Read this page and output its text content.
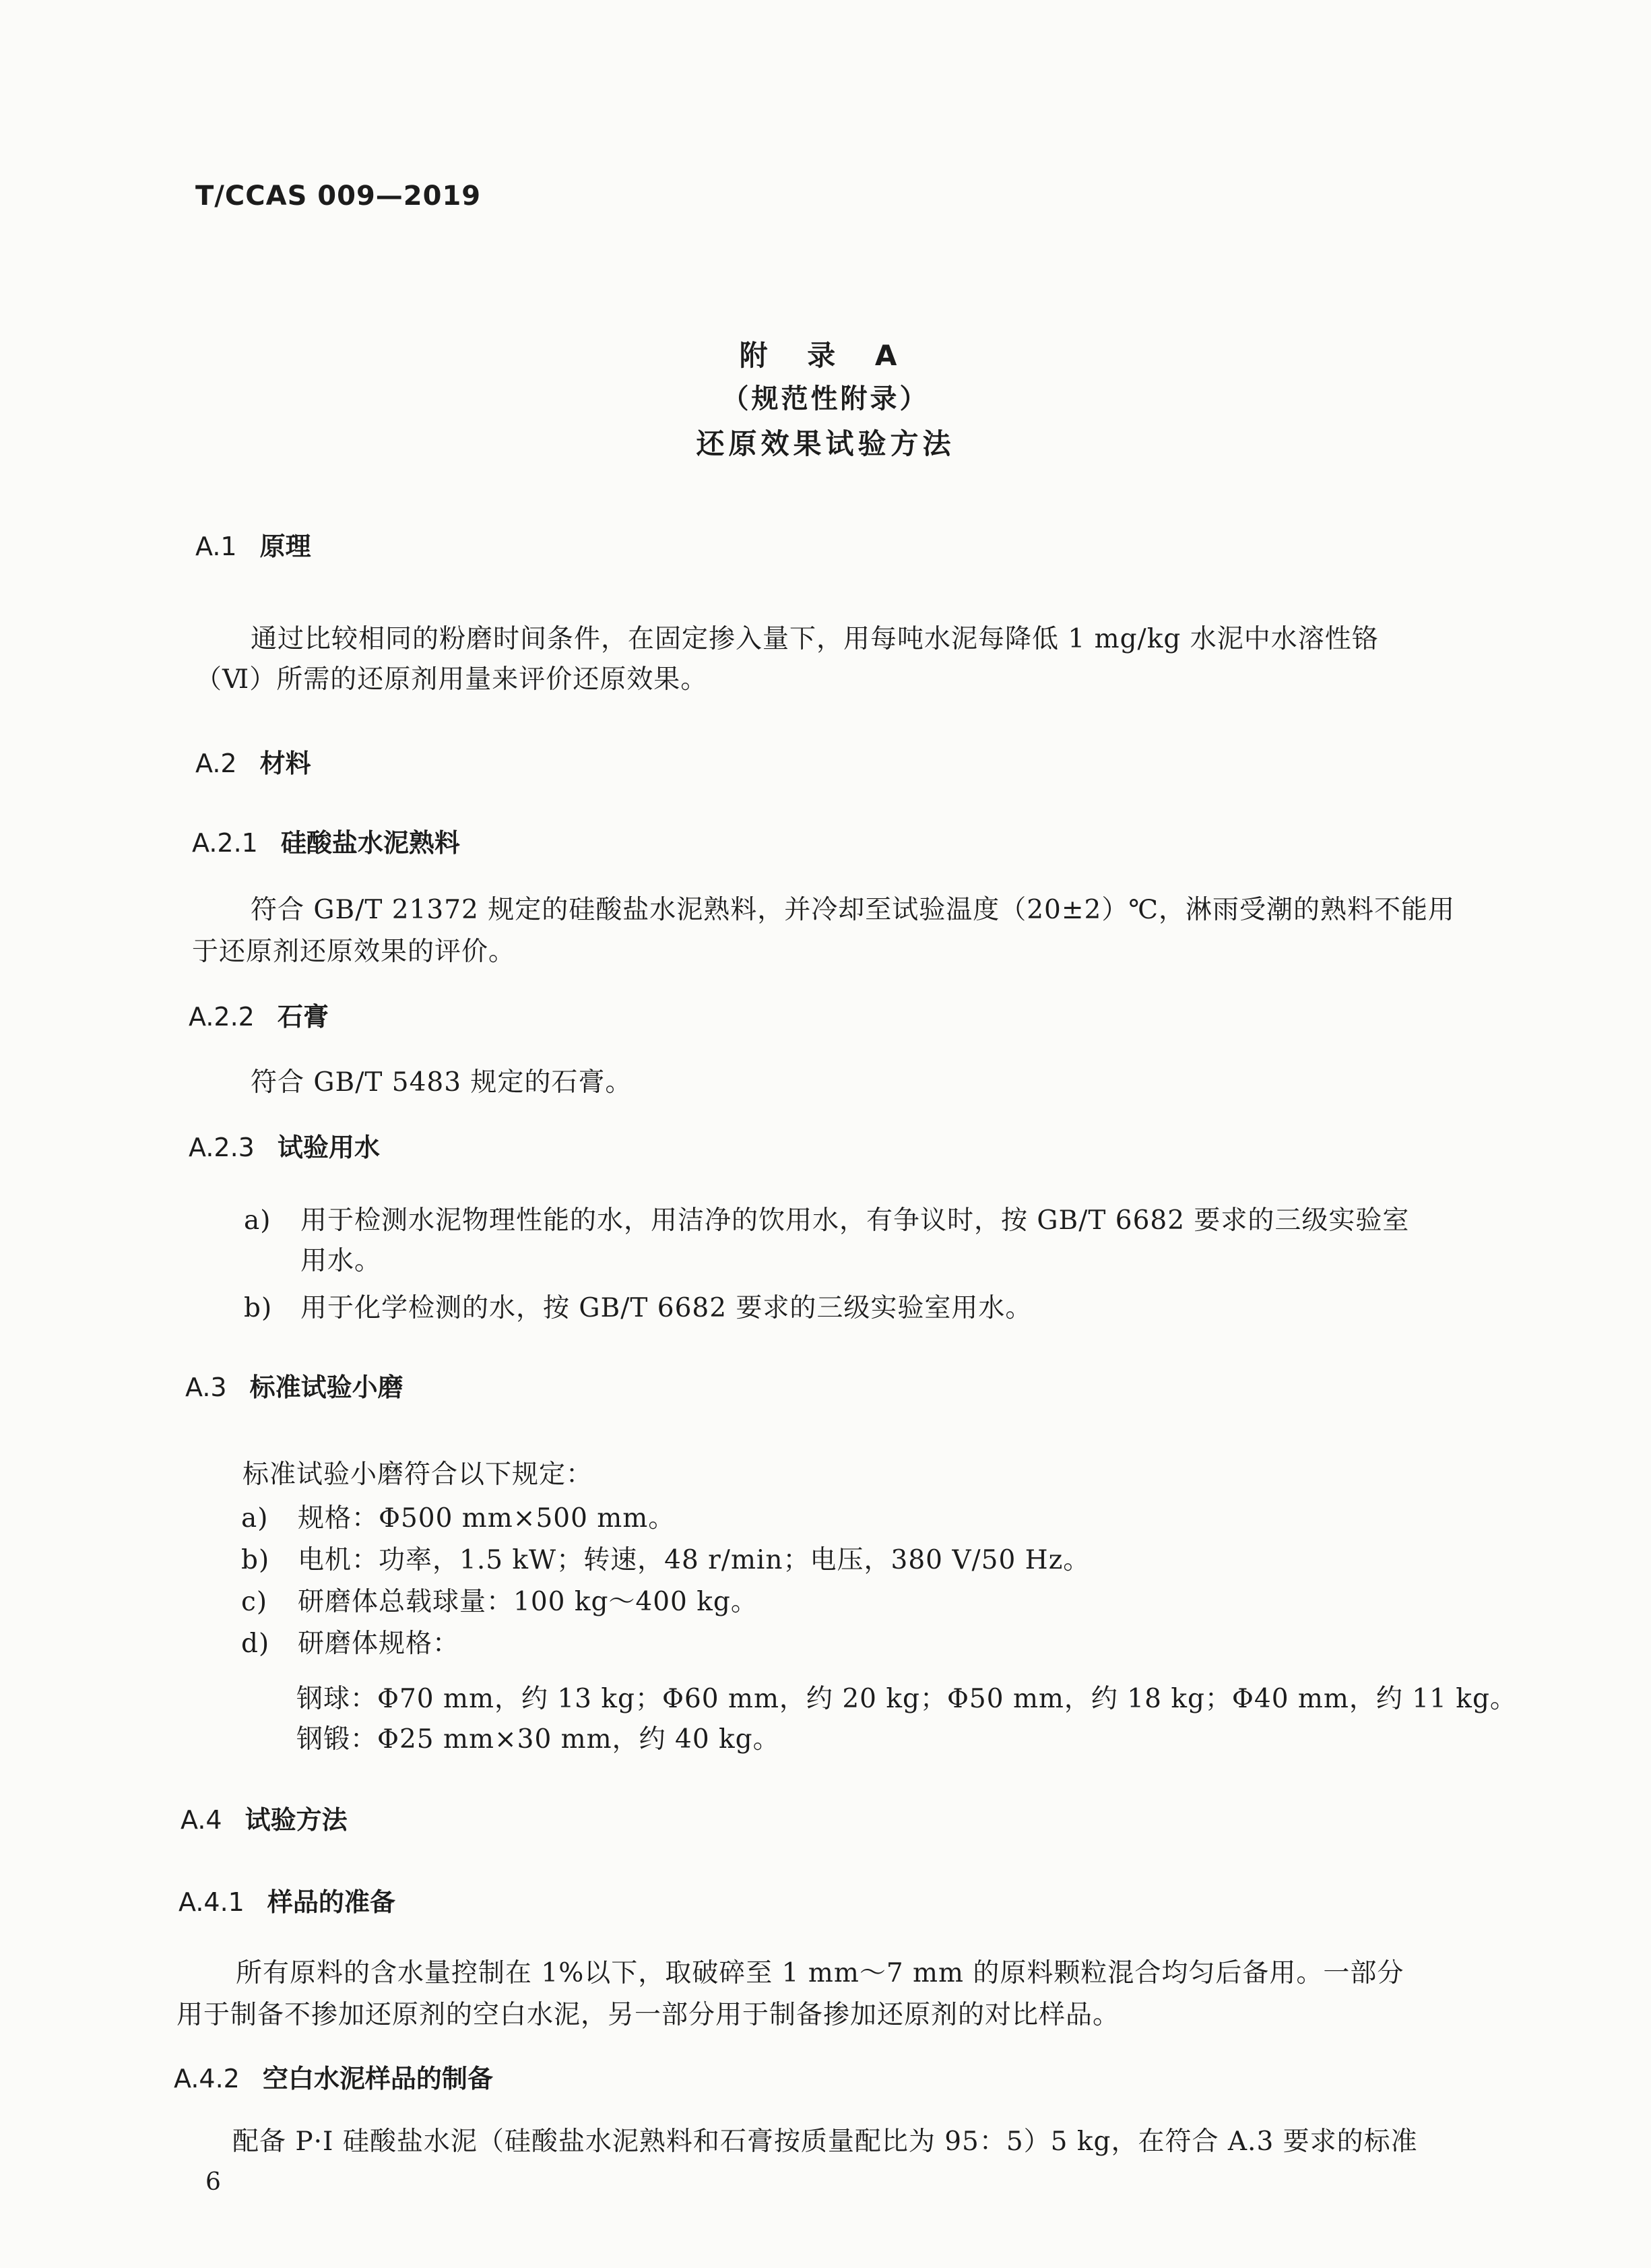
T/CCAS 009—2019
附 录 A
（规范性附录）
还原效果试验方法
A.1 原理
通过比较相同的粉磨时间条件，在固定掺入量下，用每吨水泥每降低 1 mg/kg 水泥中水溶性铬
（Ⅵ）所需的还原剂用量来评价还原效果。
A.2 材料
A.2.1 硅酸盐水泥熟料
符合 GB/T 21372 规定的硅酸盐水泥熟料，并冷却至试验温度（20±2）℃，淋雨受潮的熟料不能用
于还原剂还原效果的评价。
A.2.2 石膏
符合 GB/T 5483 规定的石膏。
A.2.3 试验用水
a) 用于检测水泥物理性能的水，用洁净的饮用水，有争议时，按 GB/T 6682 要求的三级实验室
用水。
b) 用于化学检测的水，按 GB/T 6682 要求的三级实验室用水。
A.3 标准试验小磨
标准试验小磨符合以下规定：
a) 规格：Φ500 mm×500 mm。
b) 电机：功率，1.5 kW；转速，48 r/min；电压，380 V/50 Hz。
c) 研磨体总载球量：100 kg～400 kg。
d) 研磨体规格：
钢球：Φ70 mm，约 13 kg；Φ60 mm，约 20 kg；Φ50 mm，约 18 kg；Φ40 mm，约 11 kg。
钢锻：Φ25 mm×30 mm，约 40 kg。
A.4 试验方法
A.4.1 样品的准备
所有原料的含水量控制在 1%以下，取破碎至 1 mm～7 mm 的原料颗粒混合均匀后备用。一部分
用于制备不掺加还原剂的空白水泥，另一部分用于制备掺加还原剂的对比样品。
A.4.2 空白水泥样品的制备
配备 P·I 硅酸盐水泥（硅酸盐水泥熟料和石膏按质量配比为 95：5）5 kg，在符合 A.3 要求的标准
6
